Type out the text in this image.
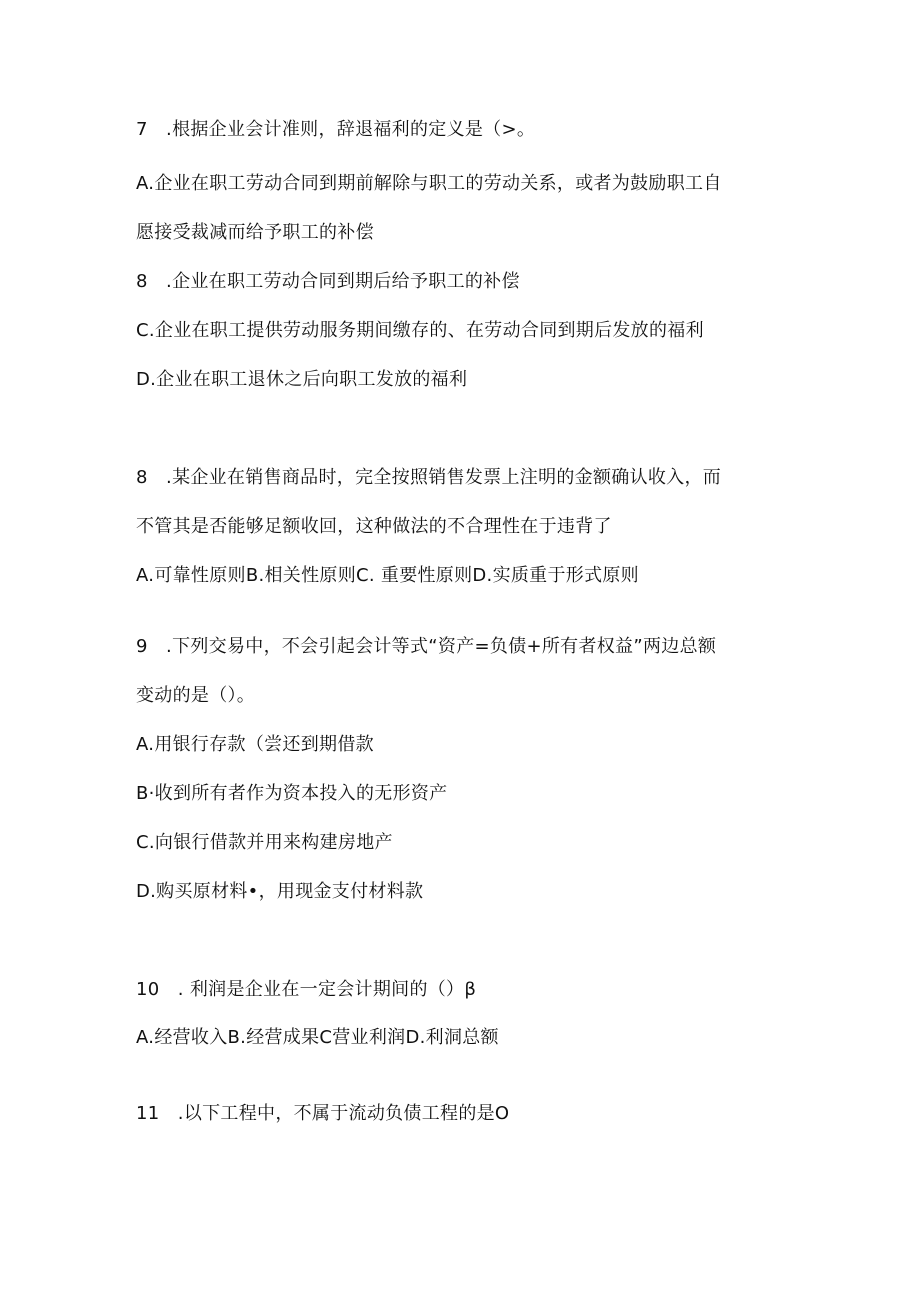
7　.根据企业会计准则，辞退福利的定义是（>。
A.企业在职工劳动合同到期前解除与职工的劳动关系，或者为鼓励职工自
愿接受裁减而给予职工的补偿
8　.企业在职工劳动合同到期后给予职工的补偿
C.企业在职工提供劳动服务期间缴存的、在劳动合同到期后发放的福利
D.企业在职工退休之后向职工发放的福利
8　.某企业在销售商品时，完全按照销售发票上注明的金额确认收入，而
不管其是否能够足额收回，这种做法的不合理性在于违背了
A.可靠性原则B.相关性原则C. 重要性原则D.实质重于形式原则
9　.下列交易中，不会引起会计等式“资产=负债+所有者权益”两边总额
变动的是（）。
A.用银行存款（尝还到期借款
B·收到所有者作为资本投入的无形资产
C.向银行借款并用来构建房地产
D.购买原材料•，用现金支付材料款
10　. 利润是企业在一定会计期间的（）β
A.经营收入B.经营成果C营业利润D.利洞总额
11　.以下工程中，不属于流动负债工程的是O
